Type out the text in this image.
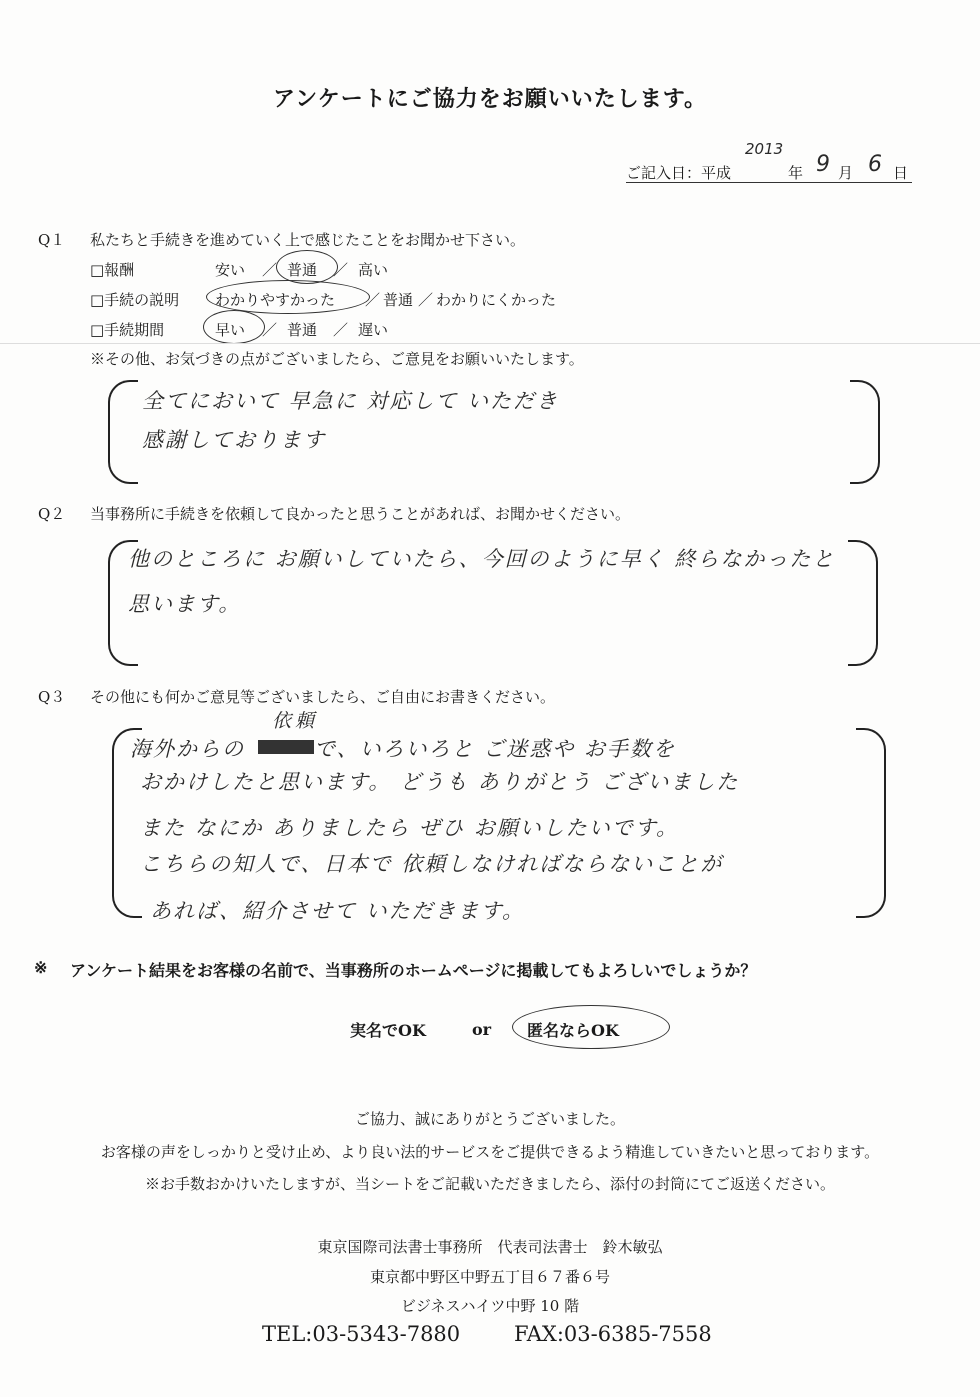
アンケートにご協力をお願いいたします。
2013
ご記入日：平成	年 9 月 6 日
Q１ 私たちと手続きを進めていく上で感じたことをお聞かせ下さい。
□報酬	安い ／ 普通 ／ 高い
□手続の説明 わかりやすかった ／ 普通 ／ わかりにくかった
□手続期間	早い ／ 普通 ／ 遅い
※その他、お気づきの点がございましたら、ご意見をお願いいたします。
全てにおいて 早急に 対応して いただき
感謝しております
Q２ 当事務所に手続きを依頼して良かったと思うことがあれば、お聞かせください。
他のところに お願いしていたら、今回のように早く 終らなかったと
思います。
Q３ その他にも何かご意見等ございましたら、ご自由にお書きください。
依頼
海外からの　　　で、いろいろと ご迷惑や お手数を
おかけしたと思います。 どうも ありがとう ございました
また なにか ありましたら ぜひ お願いしたいです。
こちらの知人で、日本で 依頼しなければならないことが
あれば、紹介させて いただきます。
※ アンケート結果をお客様の名前で、当事務所のホームページに掲載してもよろしいでしょうか？
実名でOK	or 匿名ならOK
ご協力、誠にありがとうございました。
お客様の声をしっかりと受け止め、より良い法的サービスをご提供できるよう精進していきたいと思っております。
※お手数おかけいたしますが、当シートをご記載いただきましたら、添付の封筒にてご返送ください。
東京国際司法書士事務所　代表司法書士　鈴木敏弘
東京都中野区中野五丁目６７番６号
ビジネスハイツ中野 10 階
TEL:03-5343-7880	FAX:03-6385-7558
